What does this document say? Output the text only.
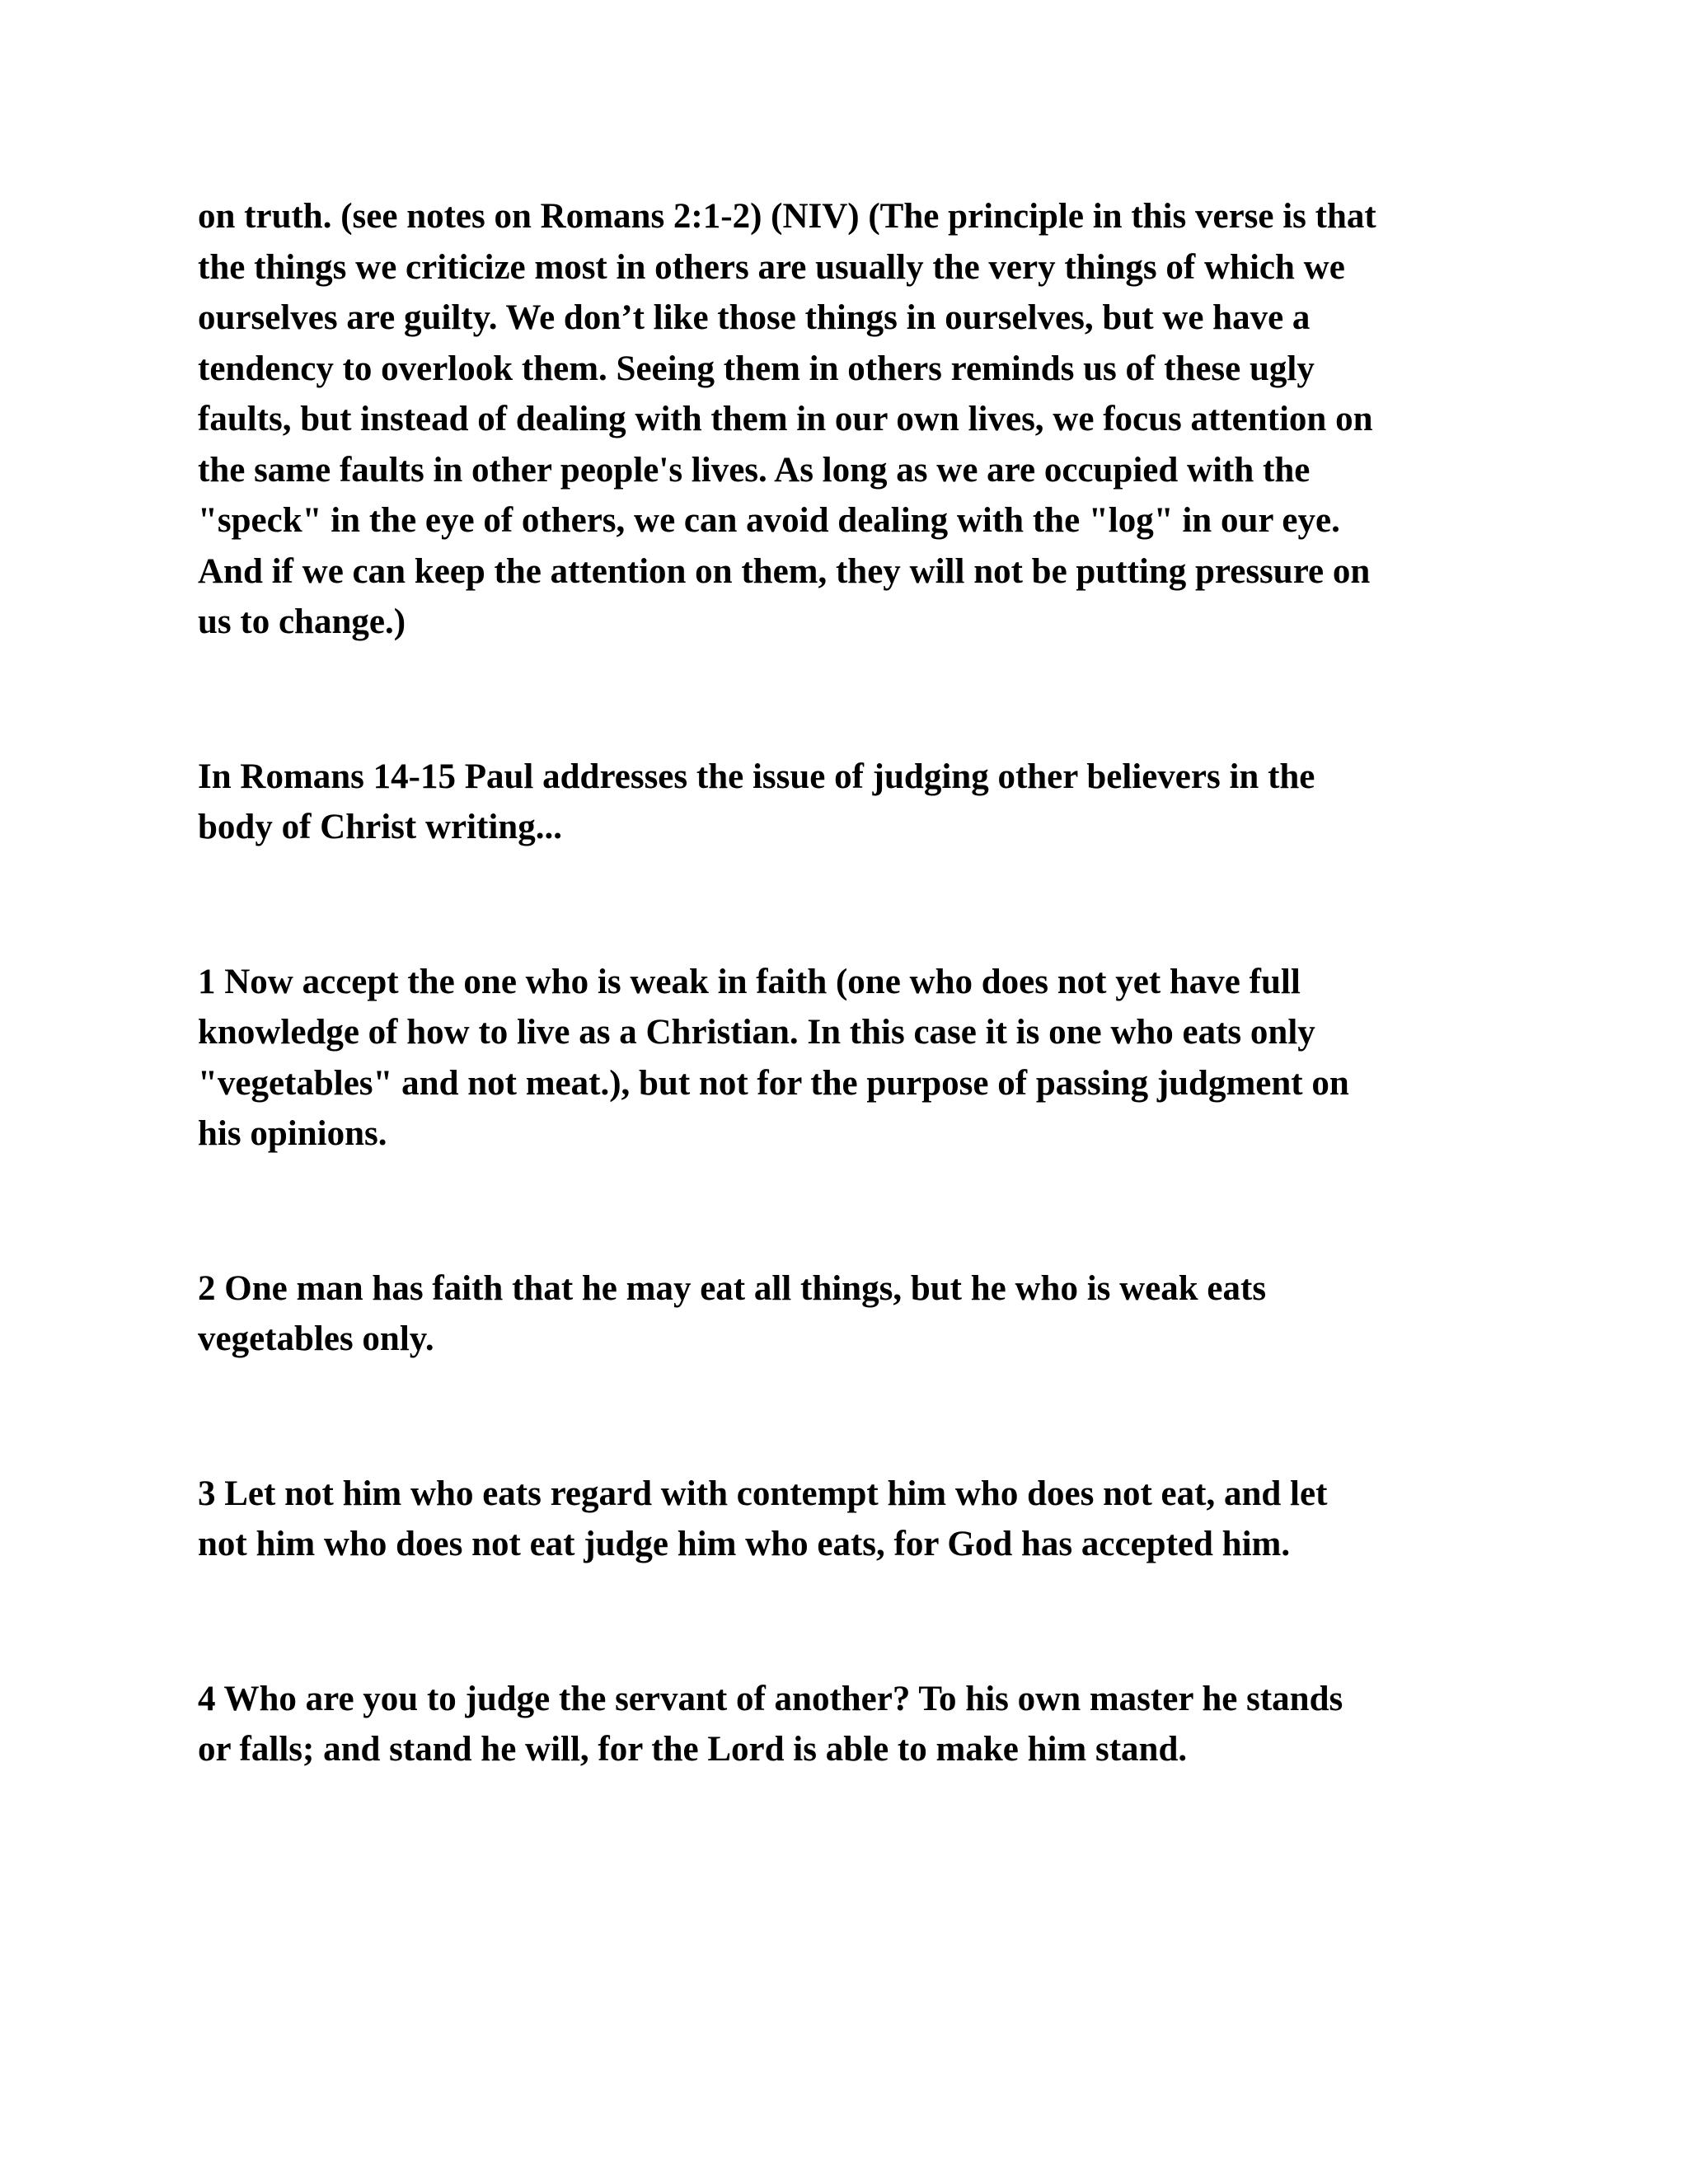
on truth. (see notes on Romans 2:1-2) (NIV) (The principle in this verse is that
the things we criticize most in others are usually the very things of which we
ourselves are guilty. We don’t like those things in ourselves, but we have a
tendency to overlook them. Seeing them in others reminds us of these ugly
faults, but instead of dealing with them in our own lives, we focus attention on
the same faults in other people's lives. As long as we are occupied with the
"speck" in the eye of others, we can avoid dealing with the "log" in our eye.
And if we can keep the attention on them, they will not be putting pressure on
us to change.)

In Romans 14-15 Paul addresses the issue of judging other believers in the
body of Christ writing...

1 Now accept the one who is weak in faith (one who does not yet have full
knowledge of how to live as a Christian. In this case it is one who eats only
"vegetables" and not meat.), but not for the purpose of passing judgment on
his opinions.

2 One man has faith that he may eat all things, but he who is weak eats
vegetables only.

3 Let not him who eats regard with contempt him who does not eat, and let
not him who does not eat judge him who eats, for God has accepted him.

4 Who are you to judge the servant of another? To his own master he stands
or falls; and stand he will, for the Lord is able to make him stand.
